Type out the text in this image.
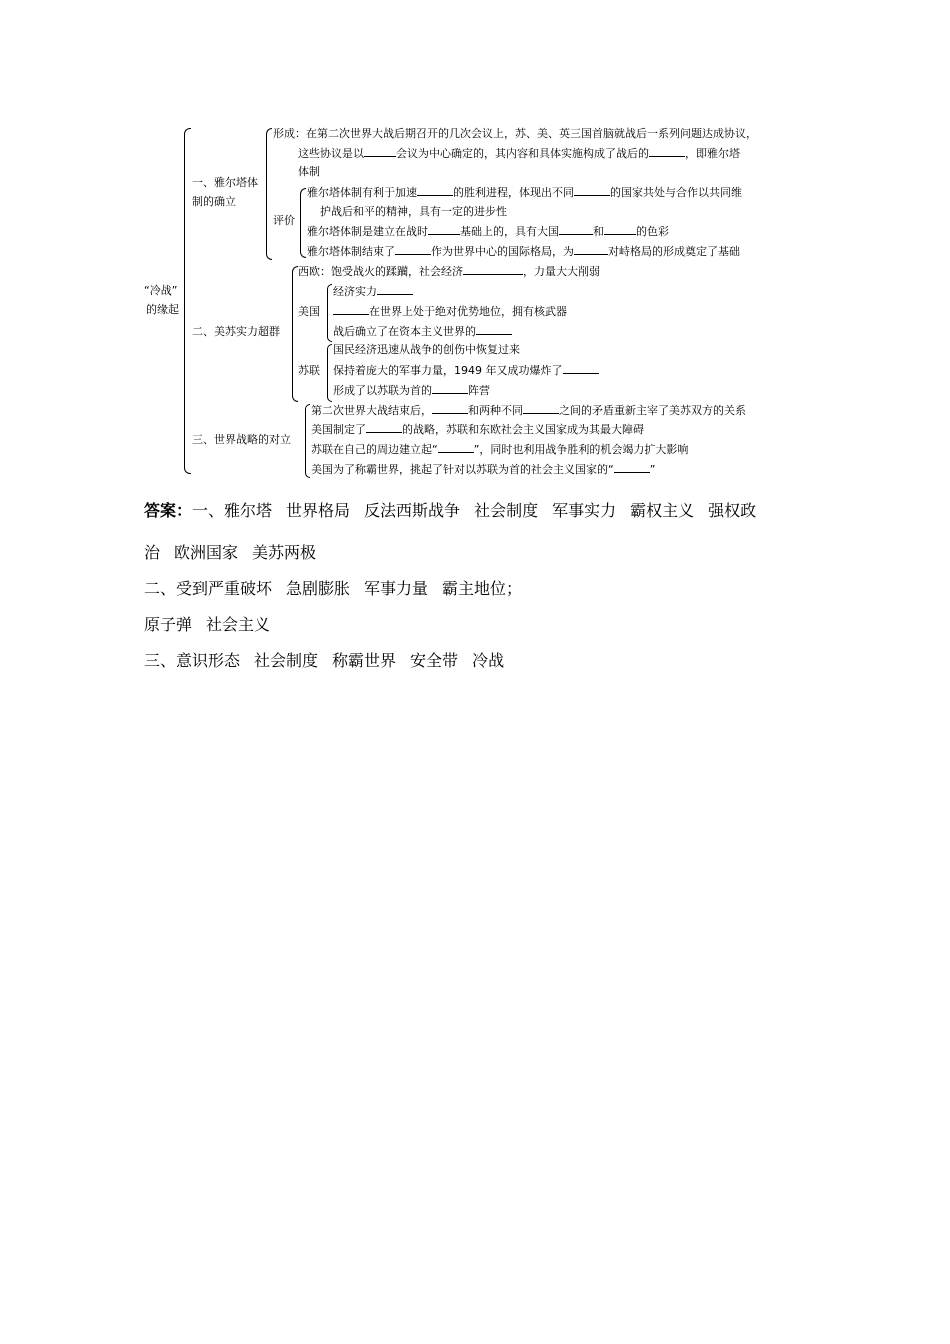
“冷战”
的缘起
一、雅尔塔体
制的确立
形成：在第二次世界大战后期召开的几次会议上，苏、美、英三国首脑就战后一系列问题达成协议，
这些协议是以	会议为中心确定的，其内容和具体实施构成了战后的	，即雅尔塔
体制
评价
雅尔塔体制有利于加速	的胜利进程，体现出不同	的国家共处与合作以共同维
护战后和平的精神，具有一定的进步性
雅尔塔体制是建立在战时	基础上的，具有大国	和	的色彩
雅尔塔体制结束了	作为世界中心的国际格局，为	对峙格局的形成奠定了基础
二、美苏实力超群
西欧：饱受战火的蹂躏，社会经济	，力量大大削弱
美国
经济实力
在世界上处于绝对优势地位，拥有核武器
战后确立了在资本主义世界的
苏联
国民经济迅速从战争的创伤中恢复过来
保持着庞大的军事力量，1949 年又成功爆炸了
形成了以苏联为首的	阵营
三、世界战略的对立
第二次世界大战结束后，	和两种不同	之间的矛盾重新主宰了美苏双方的关系
美国制定了	的战略，苏联和东欧社会主义国家成为其最大障碍
苏联在自己的周边建立起“	”，同时也利用战争胜利的机会竭力扩大影响
美国为了称霸世界，挑起了针对以苏联为首的社会主义国家的“	”

答案：一、雅尔塔 世界格局 反法西斯战争 社会制度 军事实力 霸权主义 强权政

治 欧洲国家 美苏两极

二、受到严重破坏 急剧膨胀 军事力量 霸主地位；

原子弹 社会主义

三、意识形态 社会制度 称霸世界 安全带 冷战
